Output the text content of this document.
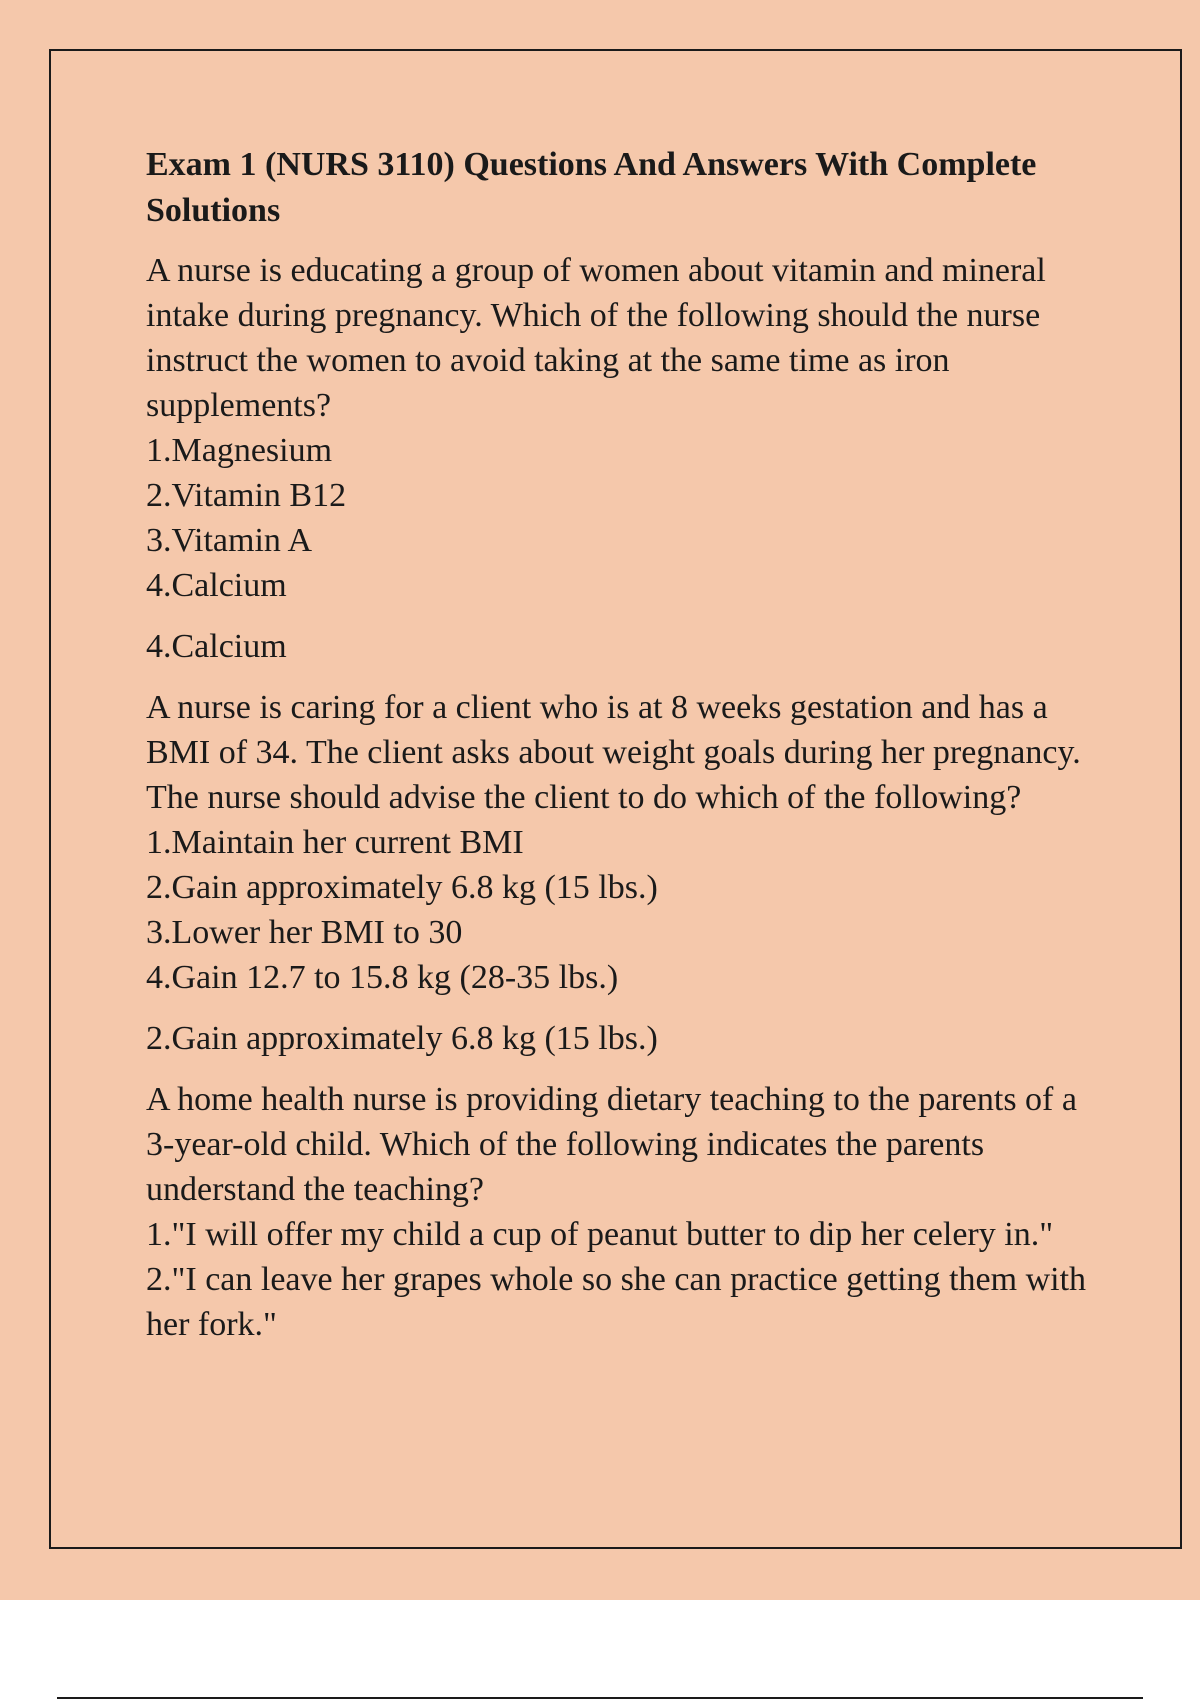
Exam 1 (NURS 3110) Questions And Answers With Complete Solutions
A nurse is educating a group of women about vitamin and mineral intake during pregnancy. Which of the following should the nurse instruct the women to avoid taking at the same time as iron supplements?
1.Magnesium
2.Vitamin B12
3.Vitamin A
4.Calcium
4.Calcium
A nurse is caring for a client who is at 8 weeks gestation and has a BMI of 34. The client asks about weight goals during her pregnancy. The nurse should advise the client to do which of the following?
1.Maintain her current BMI
2.Gain approximately 6.8 kg (15 lbs.)
3.Lower her BMI to 30
4.Gain 12.7 to 15.8 kg (28-35 lbs.)
2.Gain approximately 6.8 kg (15 lbs.)
A home health nurse is providing dietary teaching to the parents of a 3-year-old child. Which of the following indicates the parents understand the teaching?
1."I will offer my child a cup of peanut butter to dip her celery in."
2."I can leave her grapes whole so she can practice getting them with her fork."
